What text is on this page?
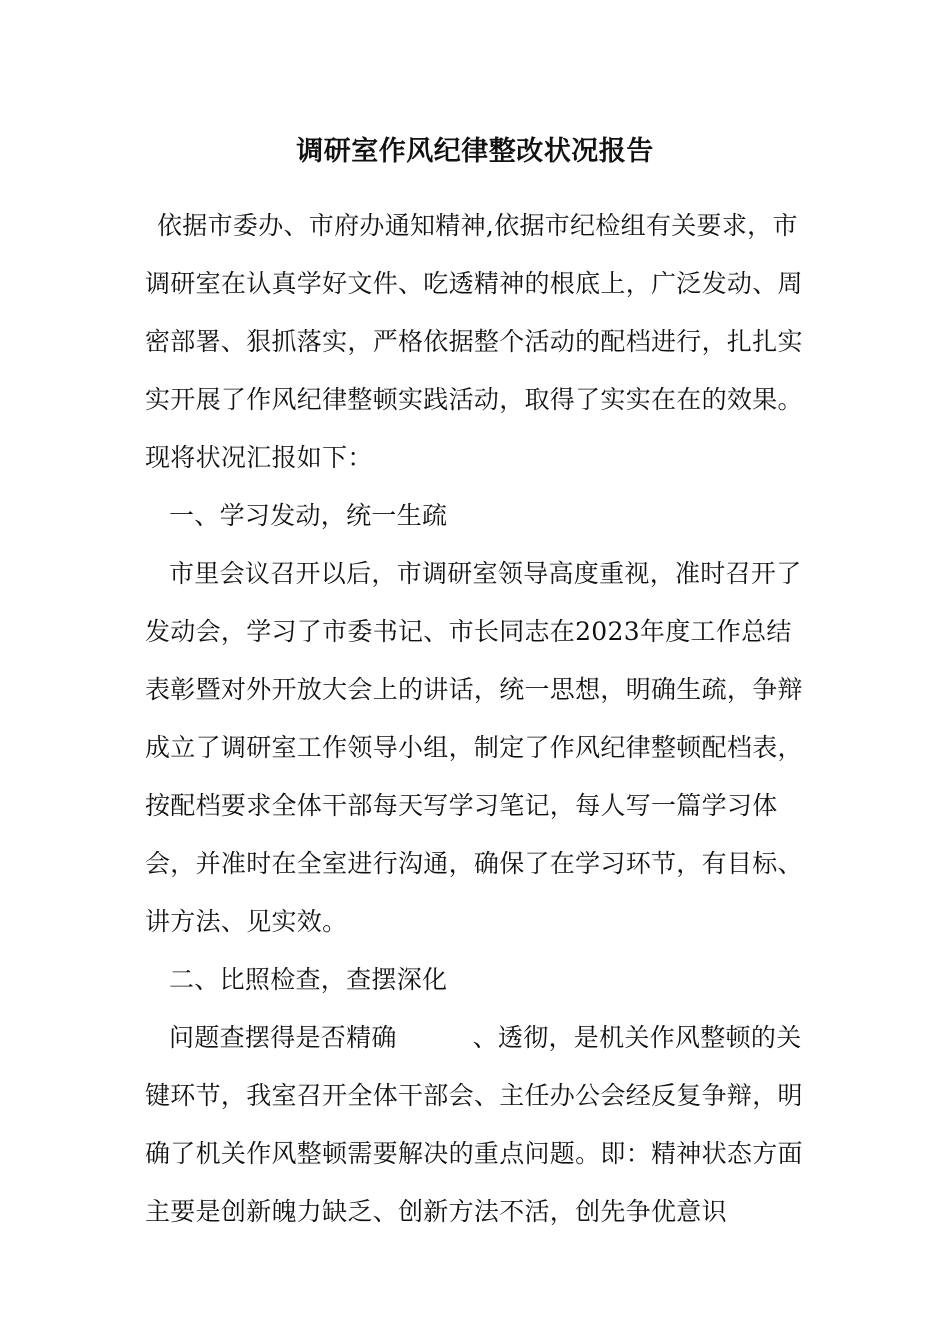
调研室作风纪律整改状况报告

依据市委办、市府办通知精神,依据市纪检组有关要求，市调研室在认真学好文件、吃透精神的根底上，广泛发动、周密部署、狠抓落实，严格依据整个活动的配档进行，扎扎实实开展了作风纪律整顿实践活动，取得了实实在在的效果。现将状况汇报如下：

一、学习发动，统一生疏

市里会议召开以后，市调研室领导高度重视，准时召开了发动会，学习了市委书记、市长同志在2023年度工作总结表彰暨对外开放大会上的讲话，统一思想，明确生疏，争辩成立了调研室工作领导小组，制定了作风纪律整顿配档表，按配档要求全体干部每天写学习笔记，每人写一篇学习体会，并准时在全室进行沟通，确保了在学习环节，有目标、讲方法、见实效。

二、比照检查，查摆深化

问题查摆得是否精确　　　、透彻，是机关作风整顿的关键环节，我室召开全体干部会、主任办公会经反复争辩，明确了机关作风整顿需要解决的重点问题。即：精神状态方面主要是创新魄力缺乏、创新方法不活，创先争优意识
